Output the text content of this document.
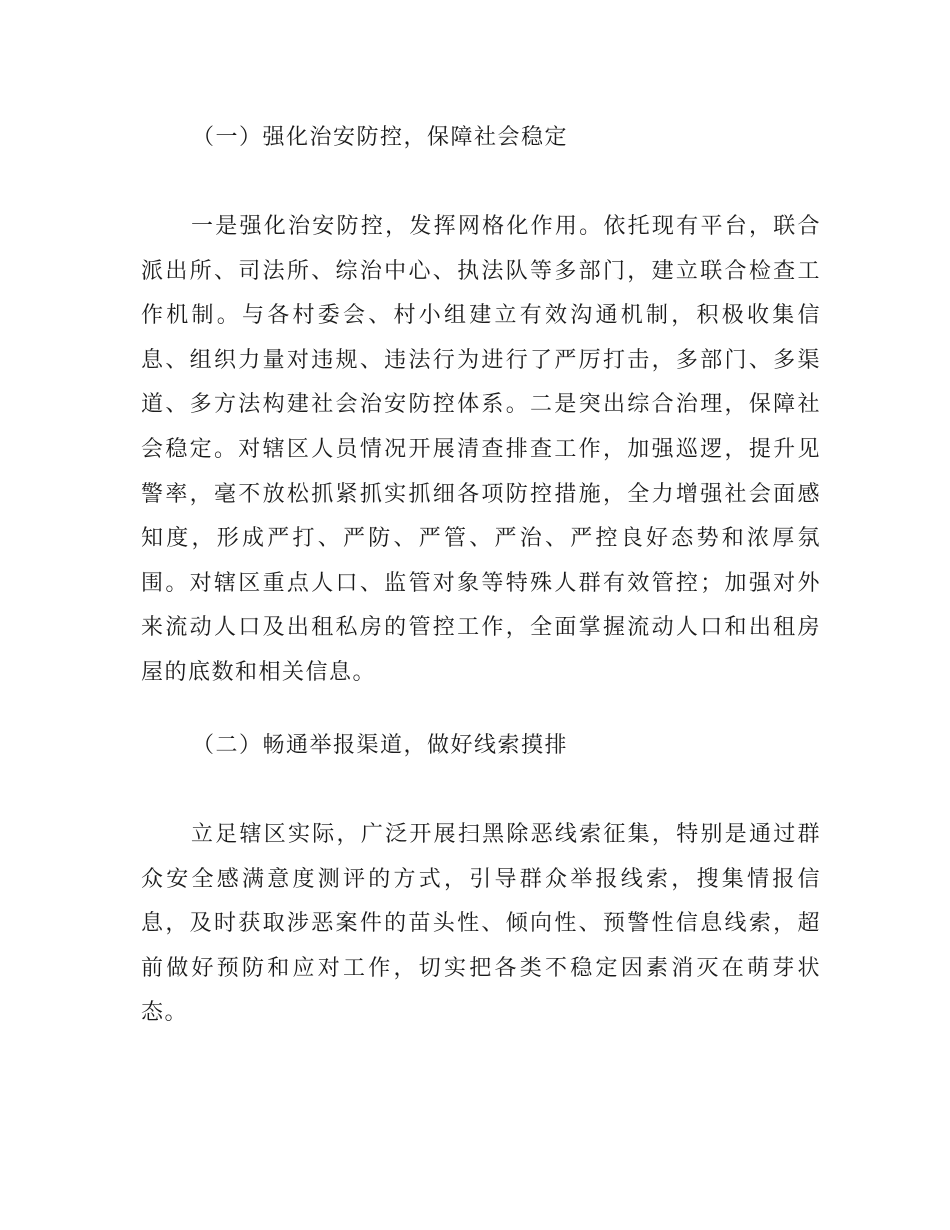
（一）强化治安防控，保障社会稳定
一是强化治安防控，发挥网格化作用。依托现有平台，联合派出所、司法所、综治中心、执法队等多部门，建立联合检查工作机制。与各村委会、村小组建立有效沟通机制，积极收集信息、组织力量对违规、违法行为进行了严厉打击，多部门、多渠道、多方法构建社会治安防控体系。二是突出综合治理，保障社会稳定。对辖区人员情况开展清查排查工作，加强巡逻，提升见警率，毫不放松抓紧抓实抓细各项防控措施，全力增强社会面感知度，形成严打、严防、严管、严治、严控良好态势和浓厚氛围。对辖区重点人口、监管对象等特殊人群有效管控；加强对外来流动人口及出租私房的管控工作，全面掌握流动人口和出租房屋的底数和相关信息。
（二）畅通举报渠道，做好线索摸排
立足辖区实际，广泛开展扫黑除恶线索征集，特别是通过群众安全感满意度测评的方式，引导群众举报线索，搜集情报信息，及时获取涉恶案件的苗头性、倾向性、预警性信息线索，超前做好预防和应对工作，切实把各类不稳定因素消灭在萌芽状态。
